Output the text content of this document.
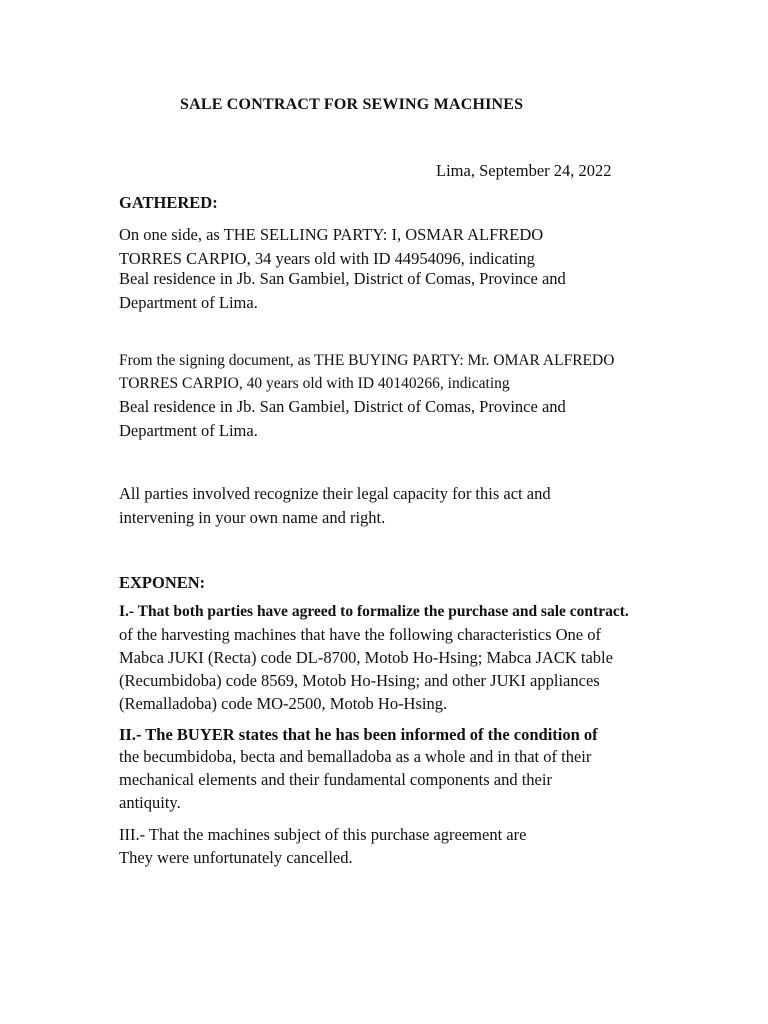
SALE CONTRACT FOR SEWING MACHINES
Lima, September 24, 2022
GATHERED:
On one side, as THE SELLING PARTY: I, OSMAR ALFREDO
TORRES CARPIO, 34 years old with ID 44954096, indicating
Beal residence in Jb. San Gambiel, District of Comas, Province and
Department of Lima.
From the signing document, as THE BUYING PARTY: Mr. OMAR ALFREDO
TORRES CARPIO, 40 years old with ID 40140266, indicating
Beal residence in Jb. San Gambiel, District of Comas, Province and
Department of Lima.
All parties involved recognize their legal capacity for this act and
intervening in your own name and right.
EXPONEN:
I.- That both parties have agreed to formalize the purchase and sale contract.
of the harvesting machines that have the following characteristics One of
Mabca JUKI (Recta) code DL-8700, Motob Ho-Hsing; Mabca JACK table
(Recumbidoba) code 8569, Motob Ho-Hsing; and other JUKI appliances
(Remalladoba) code MO-2500, Motob Ho-Hsing.
II.- The BUYER states that he has been informed of the condition of
the becumbidoba, becta and bemalladoba as a whole and in that of their
mechanical elements and their fundamental components and their
antiquity.
III.- That the machines subject of this purchase agreement are
They were unfortunately cancelled.
